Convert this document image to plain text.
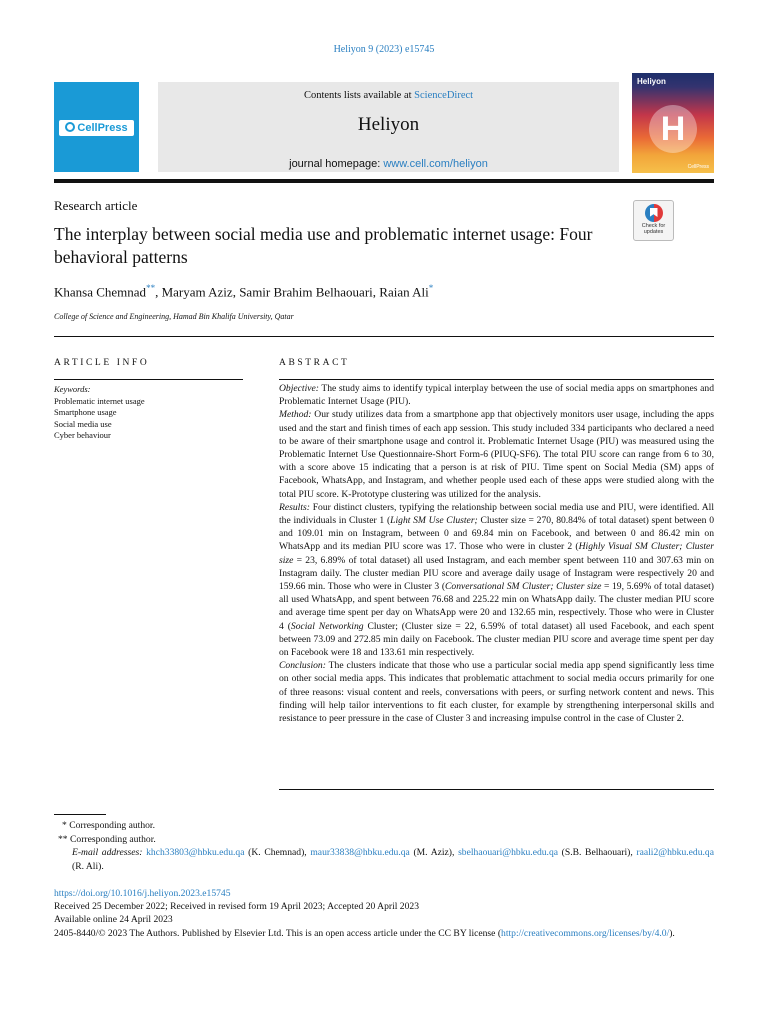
Heliyon 9 (2023) e15745
CellPress
Contents lists available at ScienceDirect
Heliyon
journal homepage: www.cell.com/heliyon
Heliyon
H
CellPress
Research article
Check for
updates
The interplay between social media use and problematic internet usage: Four behavioral patterns
Khansa Chemnad**, Maryam Aziz, Samir Brahim Belhaouari, Raian Ali*
College of Science and Engineering, Hamad Bin Khalifa University, Qatar
ARTICLE INFO	ABSTRACT
Keywords:
Problematic internet usage
Smartphone usage
Social media use
Cyber behaviour
Objective: The study aims to identify typical interplay between the use of social media apps on smartphones and Problematic Internet Usage (PIU).
Method: Our study utilizes data from a smartphone app that objectively monitors user usage, including the apps used and the start and finish times of each app session. This study included 334 participants who declared a need to be aware of their smartphone usage and control it. Problematic Internet Usage (PIU) was measured using the Problematic Internet Use Questionnaire-Short Form-6 (PIUQ-SF6). The total PIU score can range from 6 to 30, with a score above 15 indicating that a person is at risk of PIU. Time spent on Social Media (SM) apps of Facebook, WhatsApp, and Instagram, and whether people used each of these apps were studied along with the total PIU score. K-Prototype clustering was utilized for the analysis.
Results: Four distinct clusters, typifying the relationship between social media use and PIU, were identified. All the individuals in Cluster 1 (Light SM Use Cluster; Cluster size = 270, 80.84% of total dataset) spent between 0 and 109.01 min on Instagram, between 0 and 69.84 min on Facebook, and between 0 and 86.42 min on WhatsApp and its median PIU score was 17. Those who were in cluster 2 (Highly Visual SM Cluster; Cluster size = 23, 6.89% of total dataset) all used Instagram, and each member spent between 110 and 307.63 min on Instagram daily. The cluster median PIU score and average daily usage of Instagram were respectively 20 and 159.66 min. Those who were in Cluster 3 (Conversational SM Cluster; Cluster size = 19, 5.69% of total dataset) all used WhatsApp, and spent between 76.68 and 225.22 min on WhatsApp daily. The cluster median PIU score and average time spent per day on WhatsApp were 20 and 132.65 min, respectively. Those who were in Cluster 4 (Social Networking Cluster; (Cluster size = 22, 6.59% of total dataset) all used Facebook, and each spent between 73.09 and 272.85 min daily on Facebook. The cluster median PIU score and average time spent per day on Facebook were 18 and 133.61 min respectively.
Conclusion: The clusters indicate that those who use a particular social media app spend significantly less time on other social media apps. This indicates that problematic attachment to social media occurs primarily for one of three reasons: visual content and reels, conversations with peers, or surfing network content and news. This finding will help tailor interventions to fit each cluster, for example by strengthening interpersonal skills and resistance to peer pressure in the case of Cluster 3 and increasing impulse control in the case of Cluster 2.
* Corresponding author.
** Corresponding author.
E-mail addresses: khch33803@hbku.edu.qa (K. Chemnad), maur33838@hbku.edu.qa (M. Aziz), sbelhaouari@hbku.edu.qa (S.B. Belhaouari), raali2@hbku.edu.qa (R. Ali).
https://doi.org/10.1016/j.heliyon.2023.e15745
Received 25 December 2022; Received in revised form 19 April 2023; Accepted 20 April 2023
Available online 24 April 2023
2405-8440/© 2023 The Authors. Published by Elsevier Ltd. This is an open access article under the CC BY license (http://creativecommons.org/licenses/by/4.0/).
